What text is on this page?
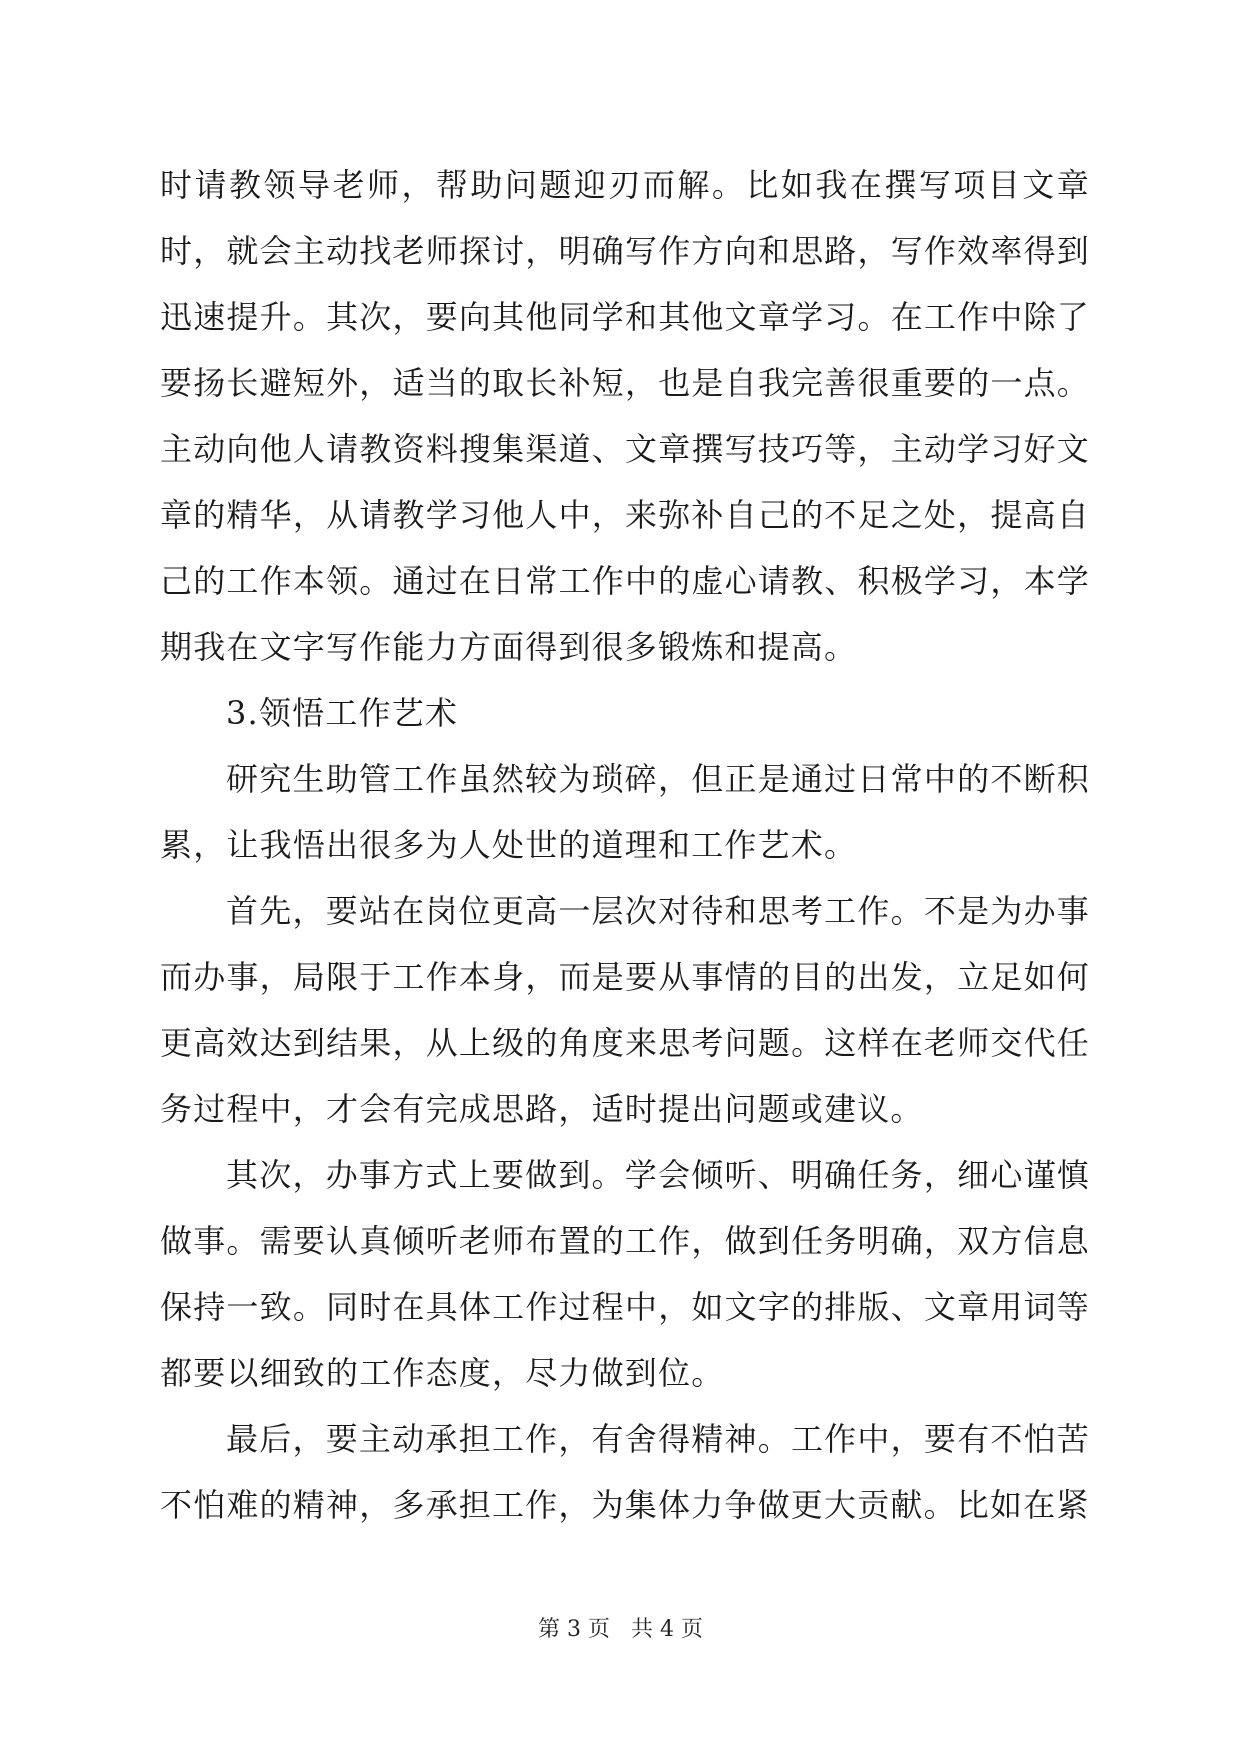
时请教领导老师，帮助问题迎刃而解。比如我在撰写项目文章时，就会主动找老师探讨，明确写作方向和思路，写作效率得到迅速提升。其次，要向其他同学和其他文章学习。在工作中除了要扬长避短外，适当的取长补短，也是自我完善很重要的一点。主动向他人请教资料搜集渠道、文章撰写技巧等，主动学习好文章的精华，从请教学习他人中，来弥补自己的不足之处，提高自己的工作本领。通过在日常工作中的虚心请教、积极学习，本学期我在文字写作能力方面得到很多锻炼和提高。

3.领悟工作艺术

研究生助管工作虽然较为琐碎，但正是通过日常中的不断积累，让我悟出很多为人处世的道理和工作艺术。

首先，要站在岗位更高一层次对待和思考工作。不是为办事而办事，局限于工作本身，而是要从事情的目的出发，立足如何更高效达到结果，从上级的角度来思考问题。这样在老师交代任务过程中，才会有完成思路，适时提出问题或建议。

其次，办事方式上要做到。学会倾听、明确任务，细心谨慎做事。需要认真倾听老师布置的工作，做到任务明确，双方信息保持一致。同时在具体工作过程中，如文字的排版、文章用词等都要以细致的工作态度，尽力做到位。

最后，要主动承担工作，有舍得精神。工作中，要有不怕苦不怕难的精神，多承担工作，为集体力争做更大贡献。比如在紧

第 3 页 共 4 页
